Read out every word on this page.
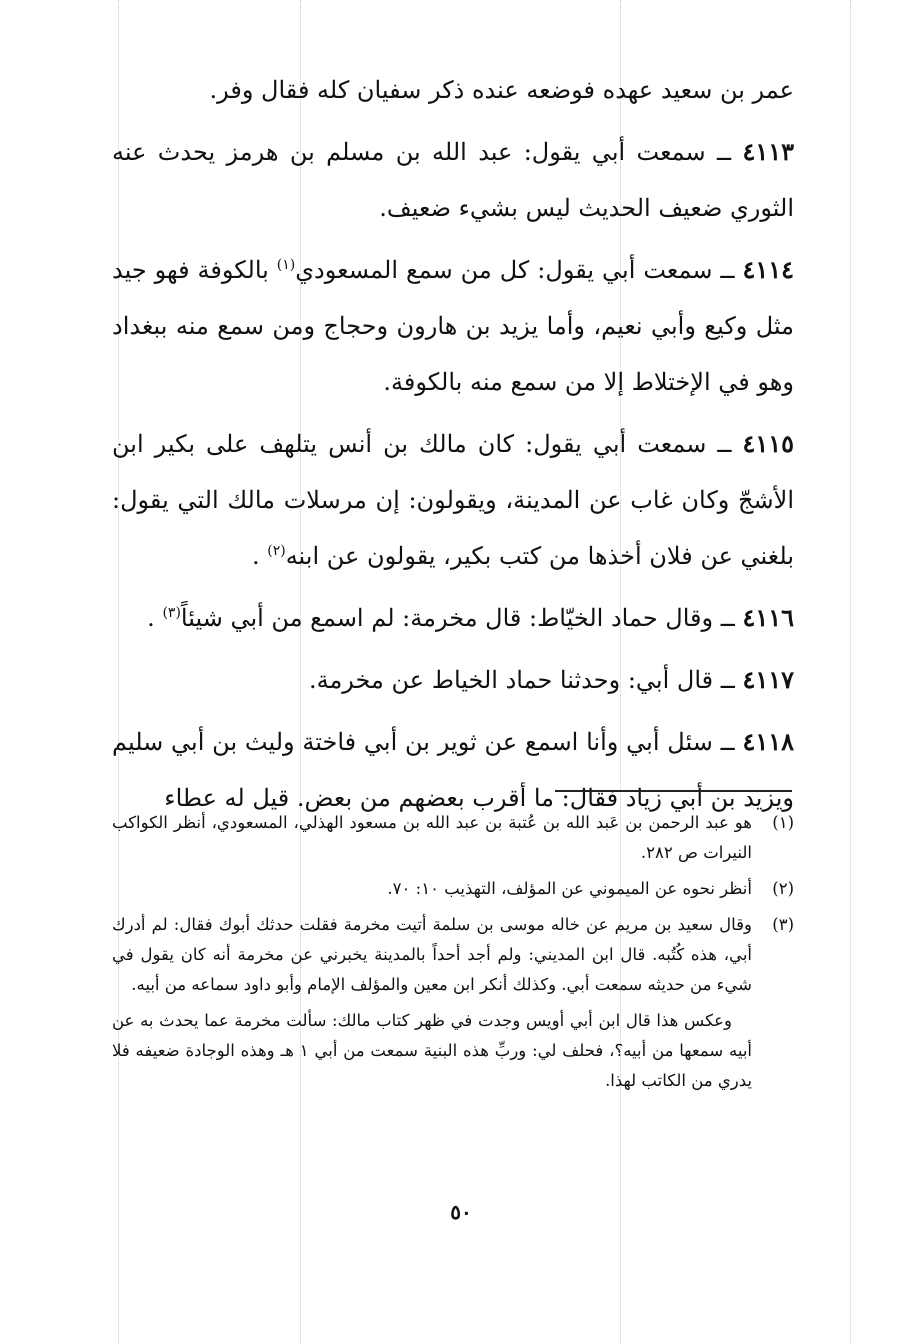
عمر بن سعيد عهده فوضعه عنده ذكر سفيان كله فقال وفر.

٤١١٣ ــ سمعت أبي يقول: عبد الله بن مسلم بن هرمز يحدث عنه الثوري ضعيف الحديث ليس بشيء ضعيف.

٤١١٤ ــ سمعت أبي يقول: كل من سمع المسعودي$^{(١)}$ بالكوفة فهو جيد مثل وكيع وأبي نعيم، وأما يزيد بن هارون وحجاج ومن سمع منه ببغداد وهو في الإختلاط إلا من سمع منه بالكوفة.

٤١١٥ ــ سمعت أبي يقول: كان مالك بن أنس يتلهف على بكير ابن الأشجّ وكان غاب عن المدينة، ويقولون: إن مرسلات مالك التي يقول: بلغني عن فلان أخذها من كتب بكير، يقولون عن ابنه$^{(٢)}$ .

٤١١٦ ــ وقال حماد الخيّاط: قال مخرمة: لم اسمع من أبي شيئاً$^{(٣)}$ .

٤١١٧ ــ قال أبي: وحدثنا حماد الخياط عن مخرمة.

٤١١٨ ــ سئل أبي وأنا اسمع عن ثوير بن أبي فاختة وليث بن أبي سليم ويزيد بن أبي زياد فقال: ما أقرب بعضهم من بعض. قيل له عطاء

(١)
هو عبد الرحمن بن عَبد الله بن عُتبة بن عبد الله بن مسعود الهذلي، المسعودي، أنظر الكواكب النيرات ص ٢٨٢.
(٢)
أنظر نحوه عن الميموني عن المؤلف، التهذيب ١٠: ٧٠.
(٣)
وقال سعيد بن مريم عن خاله موسى بن سلمة أتيت مخرمة فقلت حدثك أبوك فقال: لم أدرك أبي، هذه كُتُبه. قال ابن المديني: ولم أجد أحداً بالمدينة يخبرني عن مخرمة أنه كان يقول في شيء من حديثه سمعت أبي. وكذلك أنكر ابن معين والمؤلف الإمام وأبو داود سماعه من أبيه.
وعكس هذا قال ابن أبي أويس وجدت في ظهر كتاب مالك: سألت مخرمة عما يحدث به عن أبيه سمعها من أبيه؟، فحلف لي: وربِّ هذه البنية سمعت من أبي ١ هـ وهذه الوجادة ضعيفه فلا يدري من الكاتب لهذا.
٥٠
